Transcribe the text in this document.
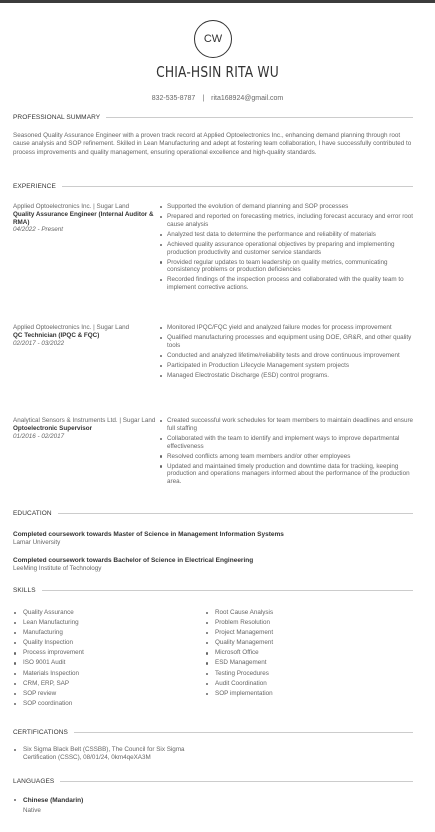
CW
CHIA-HSIN RITA WU
832-535-8787 | rita168924@gmail.com
PROFESSIONAL SUMMARY

Seasoned Quality Assurance Engineer with a proven track record at Applied Optoelectronics Inc., enhancing demand planning through root cause analysis and SOP refinement. Skilled in Lean Manufacturing and adept at fostering team collaboration, I have successfully contributed to process improvements and quality management, ensuring operational excellence and high-quality standards.

EXPERIENCE
Applied Optoelectronics Inc. | Sugar Land
Quality Assurance Engineer (Internal Auditor & RMA)
04/2022 - Present
Supported the evolution of demand planning and SOP processes
Prepared and reported on forecasting metrics, including forecast accuracy and error root cause analysis
Analyzed test data to determine the performance and reliability of materials
Achieved quality assurance operational objectives by preparing and implementing production productivity and customer service standards
Provided regular updates to team leadership on quality metrics, communicating consistency problems or production deficiencies
Recorded findings of the inspection process and collaborated with the quality team to implement corrective actions.
Applied Optoelectronics Inc. | Sugar Land
QC Technician (IPQC & FQC)
02/2017 - 03/2022
Monitored IPQC/FQC yield and analyzed failure modes for process improvement
Qualified manufacturing processes and equipment using DOE, GR&R, and other quality tools
Conducted and analyzed lifetime/reliability tests and drove continuous improvement
Participated in Production Lifecycle Management system projects
Managed Electrostatic Discharge (ESD) control programs.
Analytical Sensors & Instruments Ltd. | Sugar Land
Optoelectronic Supervisor
01/2016 - 02/2017
Created successful work schedules for team members to maintain deadlines and ensure full staffing
Collaborated with the team to identify and implement ways to improve departmental effectiveness
Resolved conflicts among team members and/or other employees
Updated and maintained timely production and downtime data for tracking, keeping production and operations managers informed about the performance of the production area.
EDUCATION
Completed coursework towards Master of Science in Management Information Systems
Lamar University
Completed coursework towards Bachelor of Science in Electrical Engineering
LeeMing Institute of Technology
SKILLS
Quality Assurance
Lean Manufacturing
Manufacturing
Quality Inspection
Process improvement
ISO 9001 Audit
Materials Inspection
CRM, ERP, SAP
SOP review
SOP coordination
Root Cause Analysis
Problem Resolution
Project Management
Quality Management
Microsoft Office
ESD Management
Testing Procedures
Audit Coordination
SOP implementation
CERTIFICATIONS
Six Sigma Black Belt (CSSBB), The Council for Six Sigma Certification (CSSC), 08/01/24, 0km4qeXA3M
LANGUAGES
Chinese (Mandarin)
Native
